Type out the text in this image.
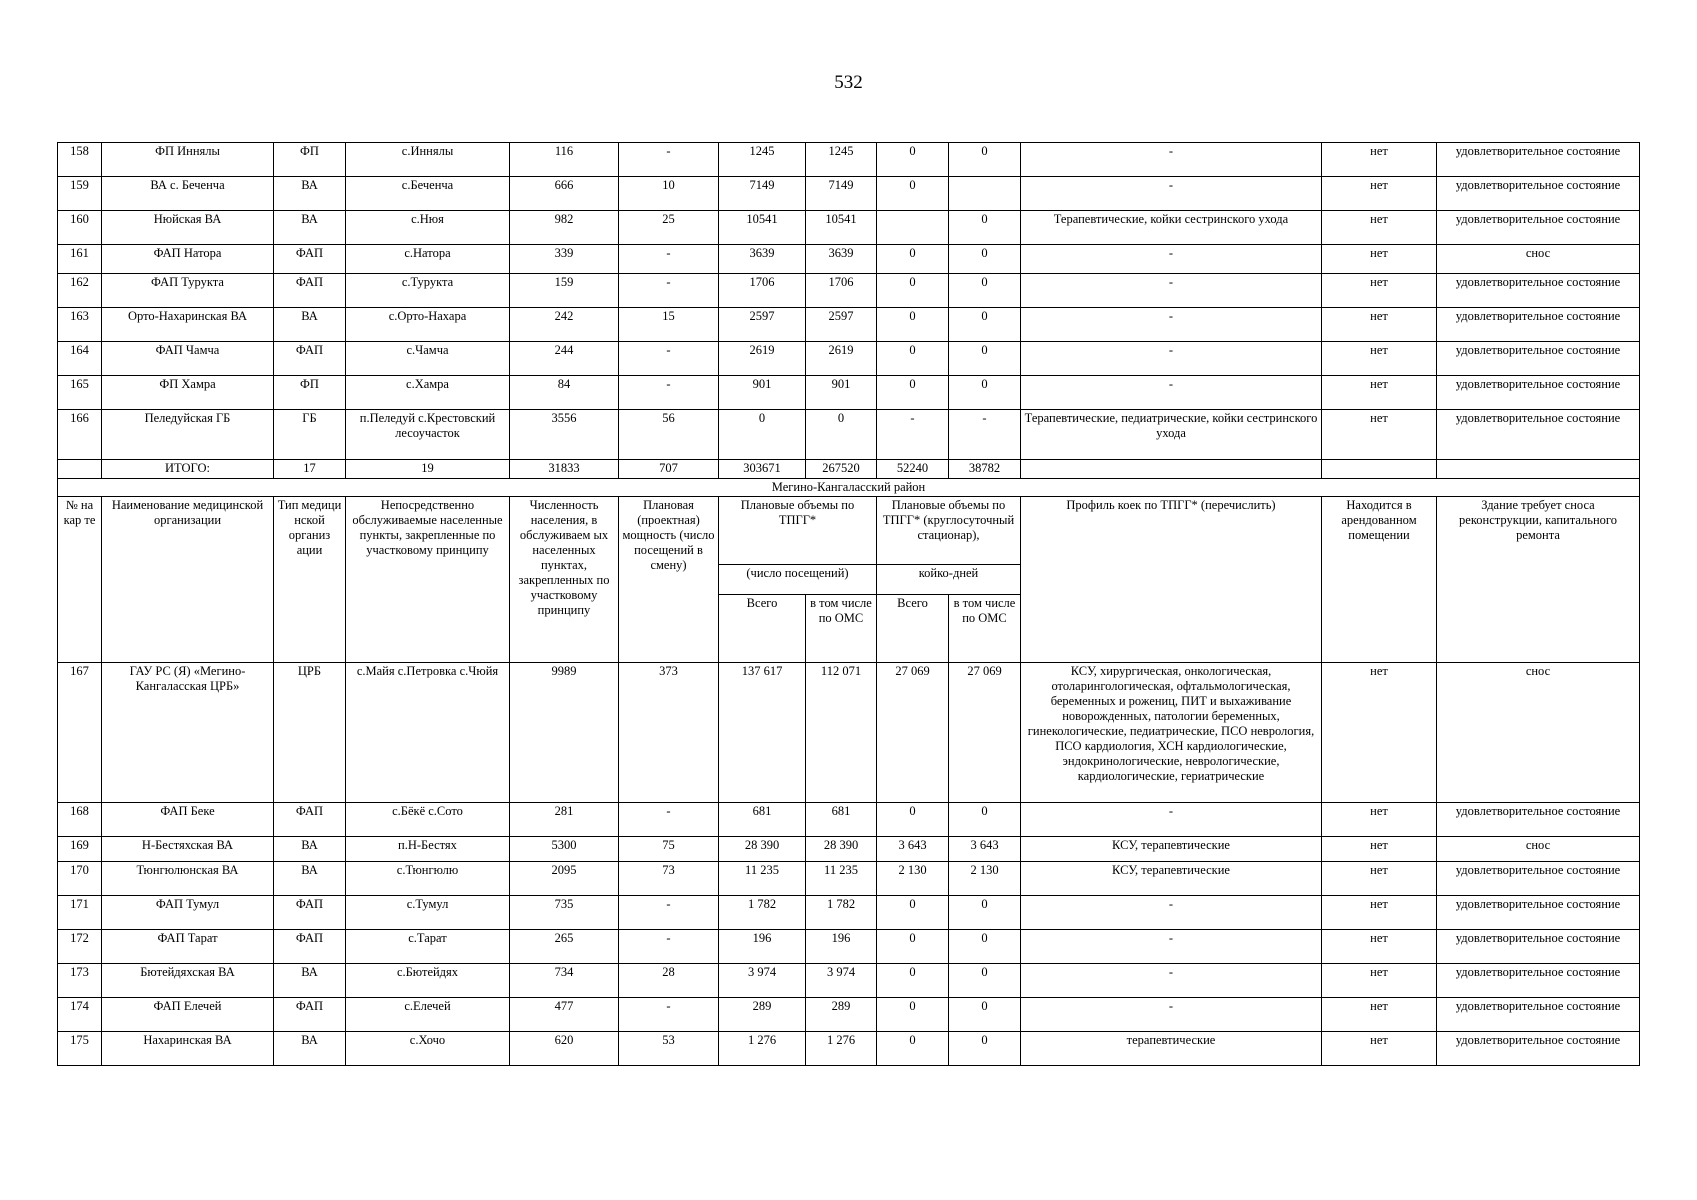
532
158	ФП Иннялы	ФП	с.Иннялы	116	-	1245	1245	0	0	-	нет	удовлетворительное состояние
159	ВА с. Беченча	ВА	с.Беченча	666	10	7149	7149	0		-	нет	удовлетворительное состояние
160	Нюйская ВА	ВА	с.Нюя	982	25	10541	10541		0	Терапевтические, койки сестринского ухода	нет	удовлетворительное состояние
161	ФАП Натора	ФАП	с.Натора	339	-	3639	3639	0	0	-	нет	снос
162	ФАП Турукта	ФАП	с.Турукта	159	-	1706	1706	0	0	-	нет	удовлетворительное состояние
163	Орто-Нахаринская ВА	ВА	с.Орто-Нахара	242	15	2597	2597	0	0	-	нет	удовлетворительное состояние
164	ФАП Чамча	ФАП	с.Чамча	244	-	2619	2619	0	0	-	нет	удовлетворительное состояние
165	ФП Хамра	ФП	с.Хамра	84	-	901	901	0	0	-	нет	удовлетворительное состояние
166	Пеледуйская ГБ	ГБ	п.Пеледуй с.Крестовский лесоучасток	3556	56	0	0	-	-	Терапевтические, педиатрические, койки сестринского ухода	нет	удовлетворительное состояние
	ИТОГО:	17	19	31833	707	303671	267520	52240	38782			
Мегино-Кангаласский район												
№ на кар те	Наименование медицинской организации	Тип медици нской организ ации	Непосредственно обслуживаемые населенные пункты, закрепленные по участковому принципу	Численность населения, в обслуживаем ых населенных пунктах, закрепленных по участковому принципу	Плановая (проектная) мощность (число посещений в смену)	Плановые объемы по ТПГГ*		Плановые объемы по ТПГГ* (круглосуточный стационар),		Профиль коек по ТПГГ* (перечислить)	Находится в арендованном помещении	Здание требует сноса реконструкции, капитального ремонта
						(число посещений)		койко-дней				
						Всего	в том числе по ОМС	Всего	в том числе по ОМС			
167	ГАУ РС (Я) «Мегино-Кангаласская ЦРБ»	ЦРБ	с.Майя с.Петровка с.Чюйя	9989	373	137 617	112 071	27 069	27 069	КСУ, хирургическая, онкологическая, отоларингологическая, офтальмологическая, беременных и рожениц, ПИТ и выхаживание новорожденных, патологии беременных, гинекологические, педиатрические, ПСО неврология, ПСО кардиология, ХСН кардиологические, эндокринологические, неврологические, кардиологические, гериатрические	нет	снос
168	ФАП Беке	ФАП	с.Бёкё с.Сото	281	-	681	681	0	0	-	нет	удовлетворительное состояние
169	Н-Бестяхская ВА	ВА	п.Н-Бестях	5300	75	28 390	28 390	3 643	3 643	КСУ, терапевтические	нет	снос
170	Тюнгюлюнская ВА	ВА	с.Тюнгюлю	2095	73	11 235	11 235	2 130	2 130	КСУ, терапевтические	нет	удовлетворительное состояние
171	ФАП Тумул	ФАП	с.Тумул	735	-	1 782	1 782	0	0	-	нет	удовлетворительное состояние
172	ФАП Тарат	ФАП	с.Тарат	265	-	196	196	0	0	-	нет	удовлетворительное состояние
173	Бютейдяхская ВА	ВА	с.Бютейдях	734	28	3 974	3 974	0	0	-	нет	удовлетворительное состояние
174	ФАП Елечей	ФАП	с.Елечей	477	-	289	289	0	0	-	нет	удовлетворительное состояние
175	Нахаринская ВА	ВА	с.Хочо	620	53	1 276	1 276	0	0	терапевтические	нет	удовлетворительное состояние
